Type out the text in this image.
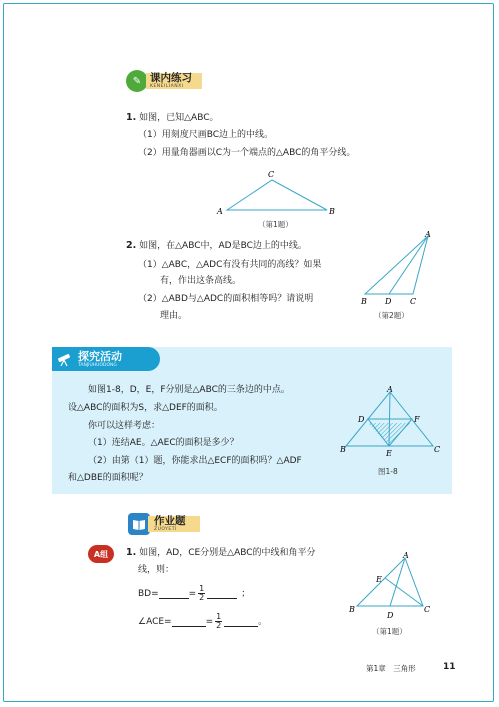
✎ 课内练习
KENEILIANXI
1. 如图，已知△ABC。
（1）用刻度尺画BC边上的中线。
（2）用量角器画以C为一个端点的△ABC的角平分线。
A
C
B
（第1题）
2. 如图，在△ABC中，AD是BC边上的中线。
（1）△ABC，△ADC有没有共同的高线？如果
有，作出这条高线。
（2）△ABD与△ADC的面积相等吗？请说明
理由。
A
B D C
（第2题）
探究活动
TANJIUHUODONG
如图1-8，D，E，F分别是△ABC的三条边的中点。
设△ABC的面积为S，求△DEF的面积。
你可以这样考虑：
（1）连结AE。△AEC的面积是多少？
（2）由第（1）题，你能求出△ECF的面积吗？△ADF
和△DBE的面积呢？
A
D	F
B	E	C
图1-8
作业题
ZUOYETI
A组	1. 如图，AD，CE分别是△ABC的中线和角平分
线，则：
BD=	= $\frac{1}{2}$	；
∠ACE=	= $\frac{1}{2}$	。
A
E
B
D
C
（第1题）
第1章　三角形	11
